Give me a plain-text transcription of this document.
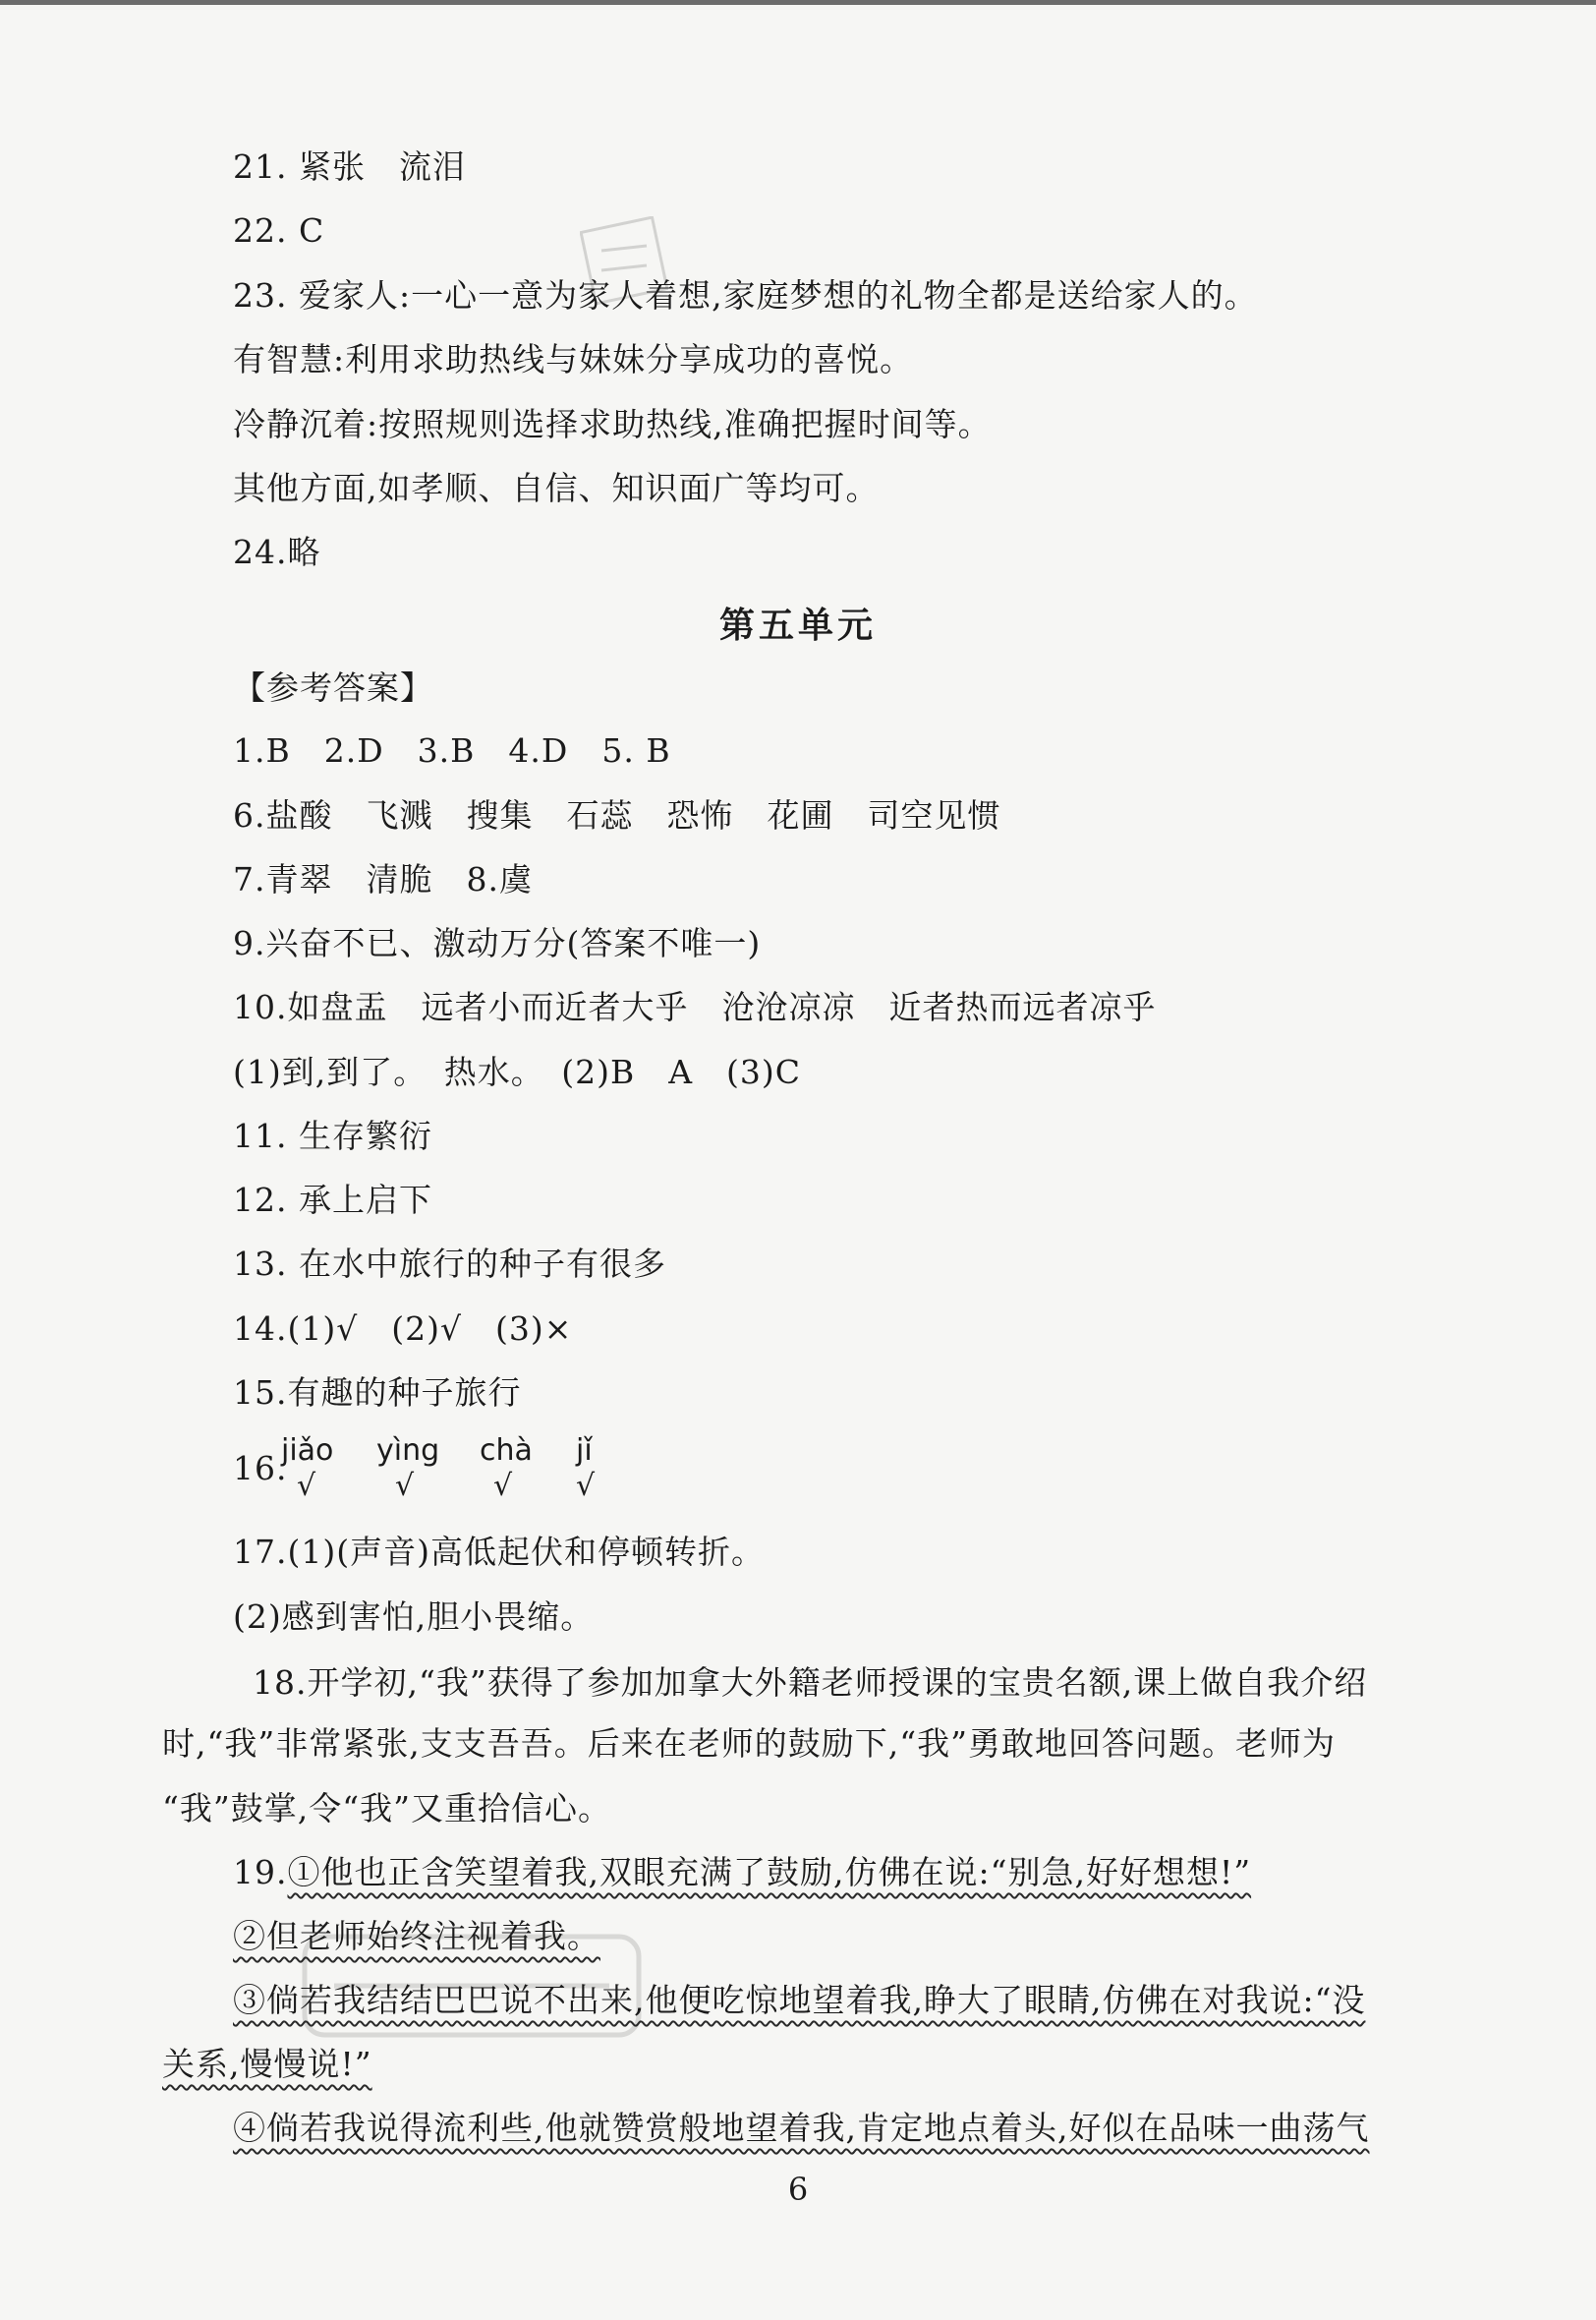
21. 紧张　流泪
22. C
23. 爱家人:一心一意为家人着想,家庭梦想的礼物全都是送给家人的。
有智慧:利用求助热线与妹妹分享成功的喜悦。
冷静沉着:按照规则选择求助热线,准确把握时间等。
其他方面,如孝顺、自信、知识面广等均可。
24.略
第五单元
【参考答案】
1.B　2.D　3.B　4.D　5. B
6.盐酸　飞溅　搜集　石蕊　恐怖　花圃　司空见惯
7.青翠　清脆　8.虞
9.兴奋不已、激动万分(答案不唯一)
10.如盘盂　远者小而近者大乎　沧沧凉凉　近者热而远者凉乎
(1)到,到了。　热水。　(2)B　A　(3)C
11. 生存繁衍
12. 承上启下
13. 在水中旅行的种子有很多
14.(1)√　(2)√　(3)×
15.有趣的种子旅行
16.
jiǎo yìng chà jǐ
√	√	√ √
17.(1)(声音)高低起伏和停顿转折。
(2)感到害怕,胆小畏缩。
18.开学初,“我”获得了参加加拿大外籍老师授课的宝贵名额,课上做自我介绍
时,“我”非常紧张,支支吾吾。后来在老师的鼓励下,“我”勇敢地回答问题。老师为
“我”鼓掌,令“我”又重拾信心。
19.①他也正含笑望着我,双眼充满了鼓励,仿佛在说:“别急,好好想想!”
②但老师始终注视着我。
③倘若我结结巴巴说不出来,他便吃惊地望着我,睁大了眼睛,仿佛在对我说:“没
关系,慢慢说!”
④倘若我说得流利些,他就赞赏般地望着我,肯定地点着头,好似在品味一曲荡气
6
